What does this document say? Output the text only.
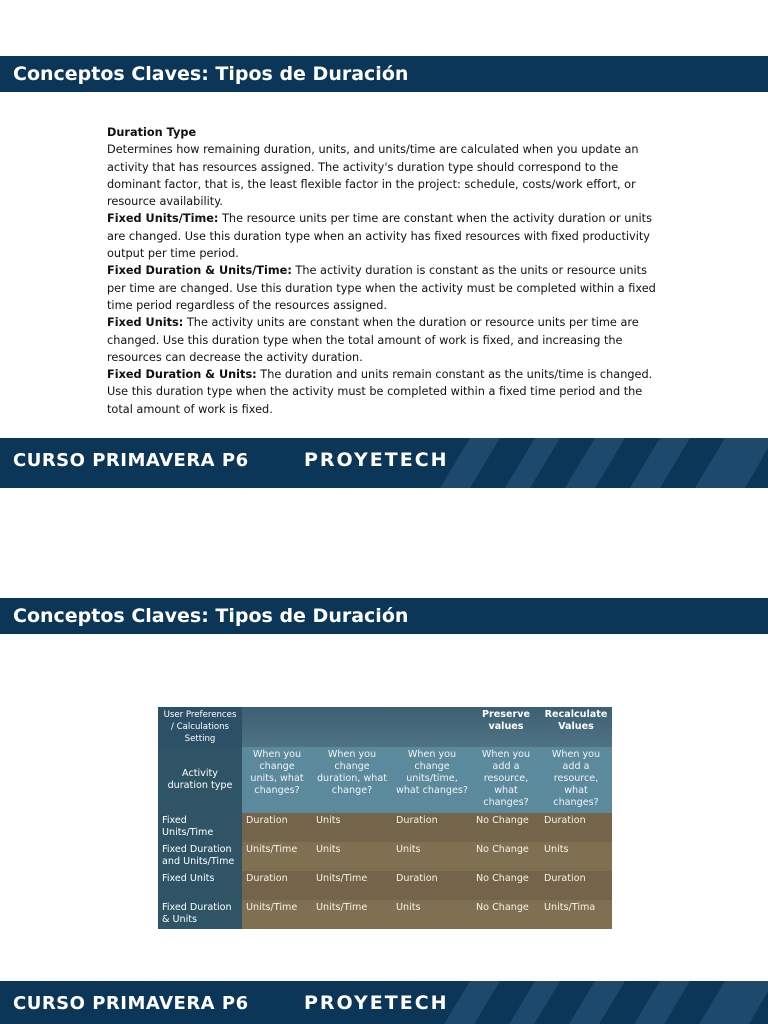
Conceptos Claves: Tipos de Duración

Duration Type

Determines how remaining duration, units, and units/time are calculated when you update an activity that has resources assigned. The activity's duration type should correspond to the dominant factor, that is, the least flexible factor in the project: schedule, costs/work effort, or resource availability.

Fixed Units/Time: The resource units per time are constant when the activity duration or units are changed. Use this duration type when an activity has fixed resources with fixed productivity output per time period.

Fixed Duration & Units/Time: The activity duration is constant as the units or resource units per time are changed. Use this duration type when the activity must be completed within a fixed time period regardless of the resources assigned.

Fixed Units: The activity units are constant when the duration or resource units per time are changed. Use this duration type when the total amount of work is fixed, and increasing the resources can decrease the activity duration.

Fixed Duration & Units: The duration and units remain constant as the units/time is changed. Use this duration type when the activity must be completed within a fixed time period and the total amount of work is fixed.

CURSO PRIMAVERA P6	PROYETECH
Conceptos Claves: Tipos de Duración
User Preferences / Calculations Setting				Preserve values	Recalculate Values
Activity duration type	When you change units, what changes?	When you change duration, what change?	When you change units/time, what changes?	When you add a resource, what changes?	When you add a resource, what changes?
Fixed Units/Time	Duration	Units	Duration	No Change	Duration
Fixed Duration and Units/Time	Units/Time	Units	Units	No Change	Units
Fixed Units	Duration	Units/Time	Duration	No Change	Duration
Fixed Duration & Units	Units/Time	Units/Time	Units	No Change	Units/Tima
CURSO PRIMAVERA P6	PROYETECH
